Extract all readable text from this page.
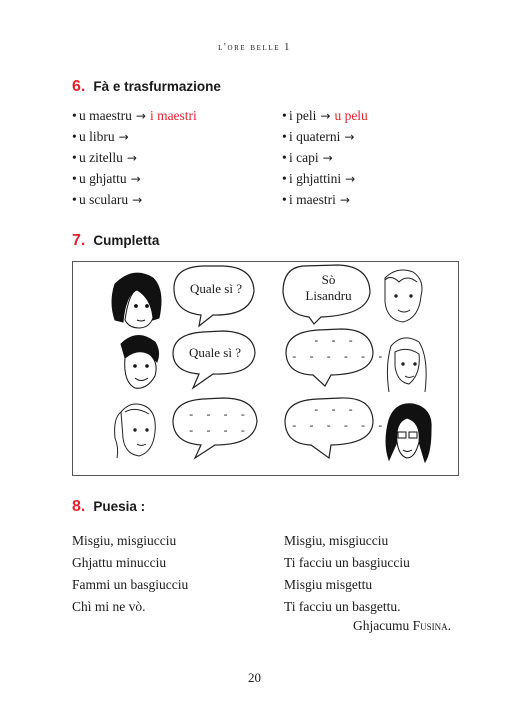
l'ore belle 1
6. Fà e trasfurmazione
• u maestru → i maestri
• u libru →
• u zitellu →
• u ghjattu →
• u scularu →
• i peli → u pelu
• i quaterni →
• i capi →
• i ghjattini →
• i maestri →
7. Cumpletta
Quale sì ?
Sò
Lisandru
Quale sì ?
- - -
- - - - - -
- - - -
- - - -
- - -
- - - - - -
8. Puesia :
Misgiu, misgiucciu
Ghjattu minucciu
Fammi un basgiucciu
Chì mi ne vò.
Misgiu, misgiucciu
Ti facciu un basgiucciu
Misgiu misgettu
Ti facciu un basgettu.
Ghjacumu Fusina.
20
